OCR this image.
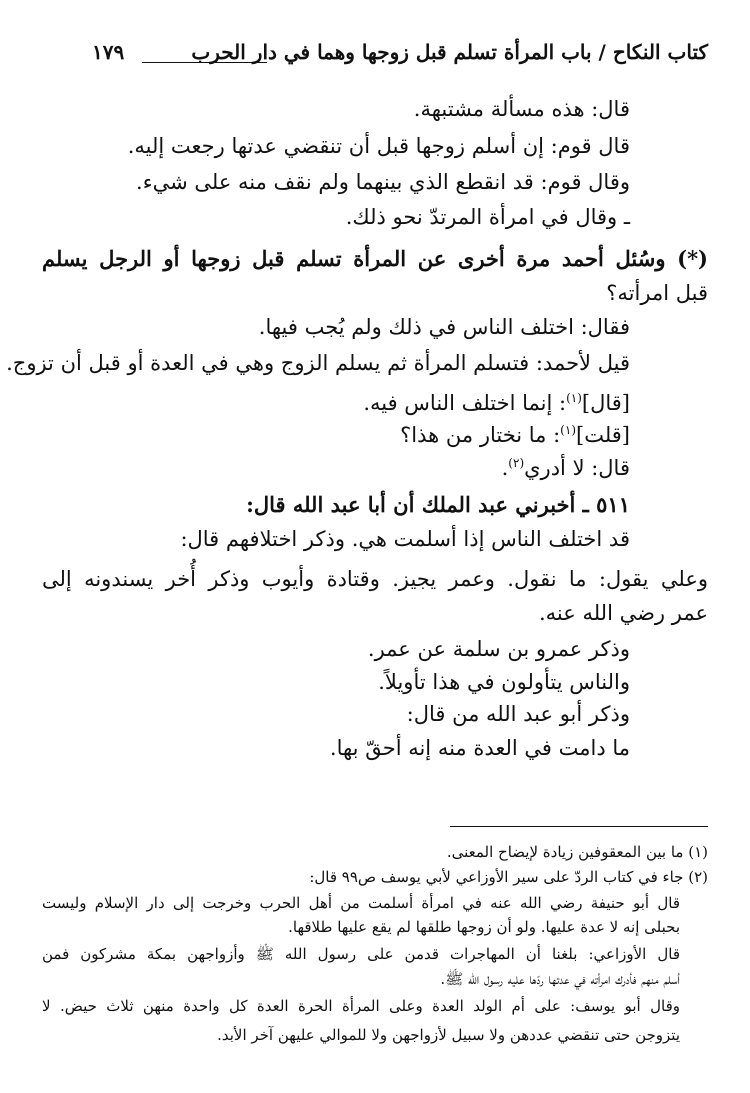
كتاب النكاح / باب المرأة تسلم قبل زوجها وهما في دار الحرب
١٧٩
قال: هذه مسألة مشتبهة.
قال قوم: إن أسلم زوجها قبل أن تنقضي عدتها رجعت إليه.
وقال قوم: قد انقطع الذي بينهما ولم نقف منه على شيء.
ـ وقال في امرأة المرتدّ نحو ذلك.
(*) وسُئل أحمد مرة أخرى عن المرأة تسلم قبل زوجها أو الرجل يسلم
قبل امرأته؟
فقال: اختلف الناس في ذلك ولم يُجب فيها.
قيل لأحمد: فتسلم المرأة ثم يسلم الزوج وهي في العدة أو قبل أن تزوج.
[قال]$^{(١)}$: إنما اختلف الناس فيه.
[قلت]$^{(١)}$: ما نختار من هذا؟
قال: لا أدري$^{(٢)}$.
٥١١ ـ أخبرني عبد الملك أن أبا عبد الله قال:
قد اختلف الناس إذا أسلمت هي. وذكر اختلافهم قال:
وعلي يقول: ما نقول. وعمر يجيز. وقتادة وأيوب وذكر أُخر يسندونه إلى
عمر رضي الله عنه.
وذكر عمرو بن سلمة عن عمر.
والناس يتأولون في هذا تأويلاً.
وذكر أبو عبد الله من قال:
ما دامت في العدة منه إنه أحقّ بها.
(١) ما بين المعقوفين زيادة لإيضاح المعنى.
(٢) جاء في كتاب الردّ على سير الأوزاعي لأبي يوسف ص٩٩ قال:
قال أبو حنيفة رضي الله عنه في امرأة أسلمت من أهل الحرب وخرجت إلى دار الإسلام وليست
بحبلى إنه لا عدة عليها. ولو أن زوجها طلقها لم يقع عليها طلاقها.
قال الأوزاعي: بلغنا أن المهاجرات قدمن على رسول الله ﷺ وأزواجهن بمكة مشركون فمن
أسلم منهم فأدرك امرأته في عدتها ردّها عليه رسول الله ﷺ.
وقال أبو يوسف: على أم الولد العدة وعلى المرأة الحرة العدة كل واحدة منهن ثلاث حيض. لا
يتزوجن حتى تنقضي عددهن ولا سبيل لأزواجهن ولا للموالي عليهن آخر الأبد.
